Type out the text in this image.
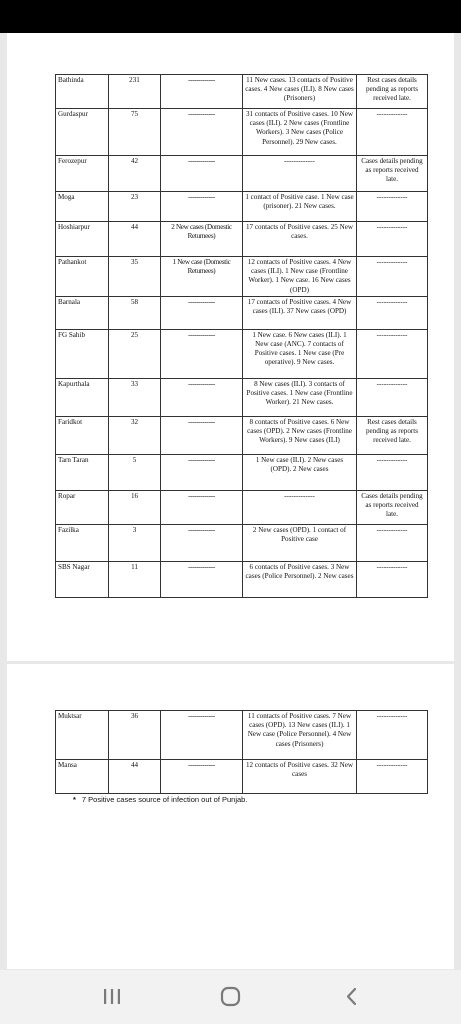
Bathinda	231	-------------	11 New cases. 13 contacts of Positive cases. 4 New cases (ILI). 8 New cases (Prisoners)	Rest cases details pending as reports received late.
Gurdaspur	75	-------------	31 contacts of Positive cases. 10 New cases (ILI). 2 New cases (Frontline Workers). 3 New cases (Police Personnel). 29 New cases.	-------------
Ferozepur	42	-------------	-------------	Cases details pending as reports received late.
Moga	23	-------------	1 contact of Positive case. 1 New case (prisoner). 21 New cases.	-------------
Hoshiarpur	44	2 New cases (Domestic Returnees)	17 contacts of Positive cases. 25 New cases.	-------------
Pathankot	35	1 New case (Domestic Returnees)	12 contacts of Positive cases. 4 New cases (ILI). 1 New case (Frontline Worker). 1 New case. 16 New cases (OPD)	-------------
Barnala	58	-------------	17 contacts of Positive cases. 4 New cases (ILI). 37 New cases (OPD)	-------------
FG Sahib	25	-------------	1 New case. 6 New cases (ILI). 1 New case (ANC). 7 contacts of Positive cases. 1 New case (Pre operative). 9 New cases.	-------------
Kapurthala	33	-------------	8 New cases (ILI). 3 contacts of Positive cases. 1 New case (Frontline Worker). 21 New cases.	-------------
Faridkot	32	-------------	8 contacts of Positive cases. 6 New cases (OPD). 2 New cases (Frontline Workers). 9 New cases (ILI)	Rest cases details pending as reports received late.
Tarn Taran	5	-------------	1 New case (ILI). 2 New cases (OPD). 2 New cases	-------------
Ropar	16	-------------	-------------	Cases details pending as reports received late.
Fazilka	3	-------------	2 New cases (OPD). 1 contact of Positive case	-------------
SBS Nagar	11	-------------	6 contacts of Positive cases. 3 New cases (Police Personnel). 2 New cases	-------------
Muktsar	36	-------------	11 contacts of Positive cases. 7 New cases (OPD). 13 New cases (ILI). 1 New case (Police Personnel). 4 New cases (Prisoners)	-------------
Mansa	44	-------------	12 contacts of Positive cases. 32 New cases	-------------
* 7 Positive cases source of infection out of Punjab.
